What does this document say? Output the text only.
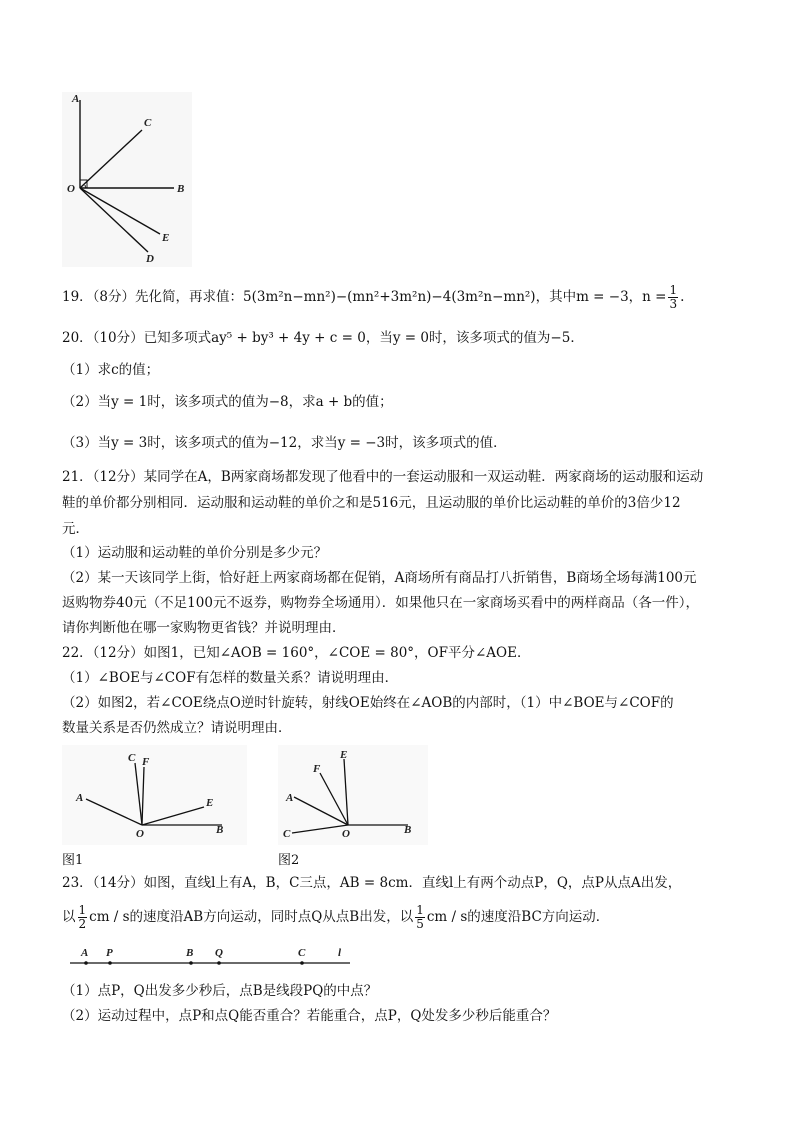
A
C
O	B
E
D
19．（8分）先化简，再求值：5(3m²n−mn²)−(mn²+3m²n)−4(3m²n−mn²)，其中m = −3，$n = \frac{1}{3}$ .
20．（10分）已知多项式ay⁵ + by³ + 4y + c = 0，当y = 0时，该多项式的值为−5．
（1）求c的值；
（2）当y = 1时，该多项式的值为−8，求a + b的值；
（3）当y = 3时，该多项式的值为−12，求当y = −3时，该多项式的值．
21．（12分）某同学在A，B两家商场都发现了他看中的一套运动服和一双运动鞋．两家商场的运动服和运动
鞋的单价都分别相同．运动服和运动鞋的单价之和是516元，且运动服的单价比运动鞋的单价的3倍少12
元．
（1）运动服和运动鞋的单价分别是多少元？
（2）某一天该同学上街，恰好赶上两家商场都在促销，A商场所有商品打八折销售，B商场全场每满100元
返购物券40元（不足100元不返券，购物券全场通用）．如果他只在一家商场买看中的两样商品（各一件），
请你判断他在哪一家购物更省钱？并说明理由．
22．（12分）如图1，已知∠AOB = 160°，∠COE = 80°，OF平分∠AOE．
（1）∠BOE与∠COF有怎样的数量关系？请说明理由．
（2）如图2，若∠COE绕点O逆时针旋转，射线OE始终在∠AOB的内部时，（1）中∠BOE与∠COF的
数量关系是否仍然成立？请说明理由．
C F
A	E
O	B
图1
F
E
A
C	O	B
图2
23．（14分）如图，直线l上有A，B，C三点，AB = 8cm．直线l上有两个动点P，Q，点P从点A出发，
以 $\frac{1}{2}$ cm / s的速度沿AB方向运动，同时点Q从点B出发，以 $\frac{1}{5}$ cm / s的速度沿BC方向运动．
A P	B Q	C	l
（1）点P，Q出发多少秒后，点B是线段PQ的中点？
（2）运动过程中，点P和点Q能否重合？若能重合，点P，Q处发多少秒后能重合？
